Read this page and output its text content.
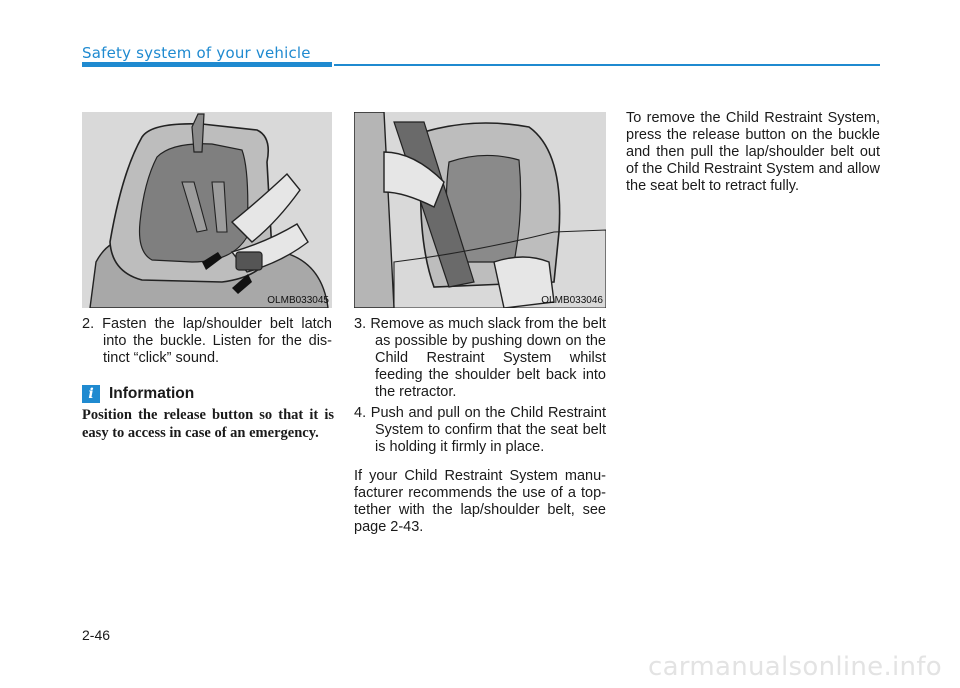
Safety system of your vehicle
OLMB033045	OLMB033046

2. Fasten the lap/shoulder belt latch into the buckle. Listen for the dis-tinct “click” sound.

i Information
Position the release button so that it is easy to access in case of an emergency.

3. Remove as much slack from the belt as possible by pushing down on the Child Restraint System whilst feeding the shoulder belt back into the retractor.

4. Push and pull on the Child Restraint System to confirm that the seat belt is holding it firmly in place.

If your Child Restraint System manu-facturer recommends the use of a top-tether with the lap/shoulder belt, see page 2-43.

To remove the Child Restraint System, press the release button on the buckle and then pull the lap/shoulder belt out of the Child Restraint System and allow the seat belt to retract fully.

2-46
carmanualsonline.info
